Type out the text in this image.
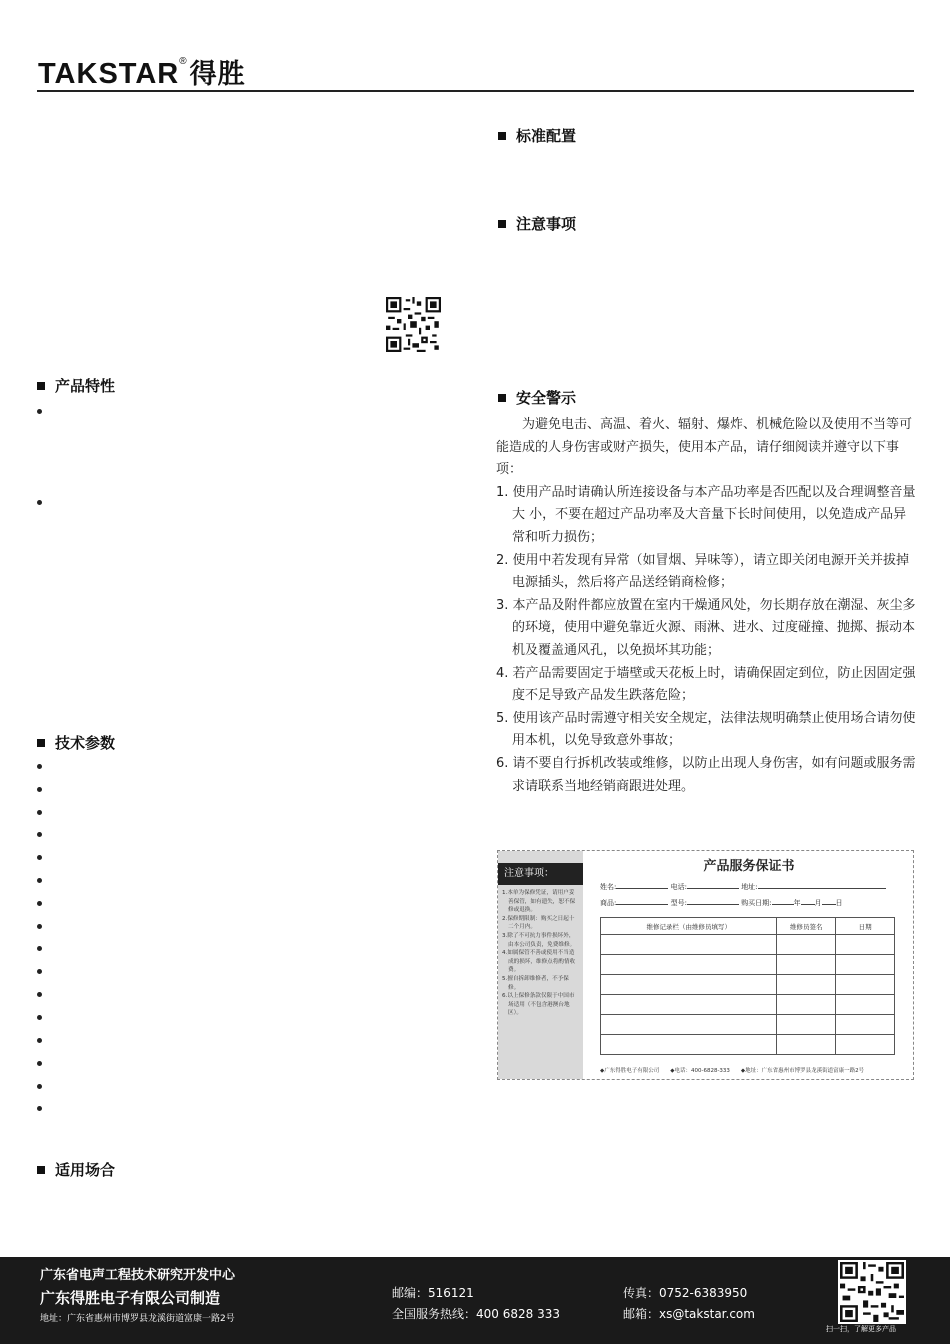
TAKSTAR®得胜
标准配置
注意事项
产品特性
安全警示
技术参数
适用场合

为避免电击、高温、着火、辐射、爆炸、机械危险以及使用不当等可能造成的人身伤害或财产损失，使用本产品，请仔细阅读并遵守以下事项：

1. 使用产品时请确认所连接设备与本产品功率是否匹配以及合理调整音量大 小，不要在超过产品功率及大音量下长时间使用，以免造成产品异常和听力损伤；
2. 使用中若发现有异常（如冒烟、异味等），请立即关闭电源开关并拔掉电源插头，然后将产品送经销商检修；
3. 本产品及附件都应放置在室内干燥通风处，勿长期存放在潮湿、灰尘多的环境，使用中避免靠近火源、雨淋、进水、过度碰撞、抛掷、振动本机及覆盖通风孔，以免损坏其功能；
4. 若产品需要固定于墙壁或天花板上时，请确保固定到位，防止因固定强度不足导致产品发生跌落危险；
5. 使用该产品时需遵守相关安全规定，法律法规明确禁止使用场合请勿使用本机，以免导致意外事故；
6. 请不要自行拆机改装或维修，以防止出现人身伤害，如有问题或服务需求请联系当地经销商跟进处理。
注意事项：
1.本单为保修凭证，请用户妥善保管，如有遗失，恕不保修或退换。
2.保修期限制：购买之日起十二个月内。
3.除了不可抗力事件损坏外，由本公司负责，免费维修。
4.如属保管不善或使用不当造成的损坏，维修点将酌情收费。
5.擅自拆卸维修者，不予保修。
6.以上保修条款仅限于中国市场适用（不包含港澳台地区）。
产品服务保证书
姓名:	电话:	地址:
商品:	型号:	购买日期:	年 月 日
维修记录栏（由维修员填写）	维修员签名	日期

◆广东得胜电子有限公司　　◆电话：400-6828-333　　◆地址：广东省惠州市博罗县龙溪街道富康一路2号
广东省电声工程技术研究开发中心
广东得胜电子有限公司制造
地址：广东省惠州市博罗县龙溪街道富康一路2号
邮编：516121
全国服务热线：400 6828 333
传真：0752-6383950
邮箱：xs@takstar.com
扫一扫，了解更多产品
